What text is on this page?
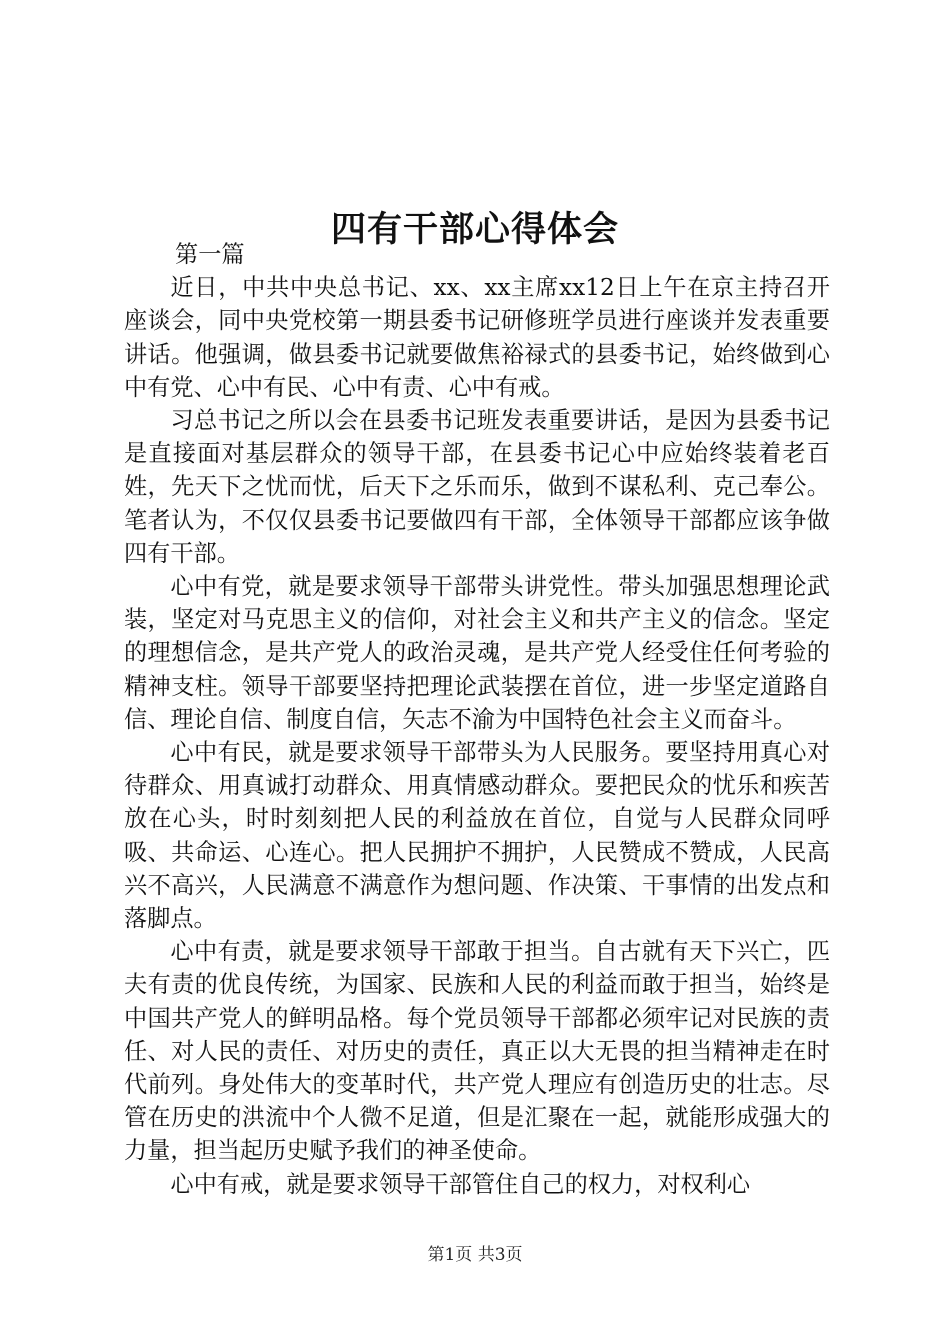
四有干部心得体会

第一篇

近日，中共中央总书记、xx、xx主席xx12日上午在京主持召开座谈会，同中央党校第一期县委书记研修班学员进行座谈并发表重要讲话。他强调，做县委书记就要做焦裕禄式的县委书记，始终做到心中有党、心中有民、心中有责、心中有戒。

习总书记之所以会在县委书记班发表重要讲话，是因为县委书记是直接面对基层群众的领导干部，在县委书记心中应始终装着老百姓，先天下之忧而忧，后天下之乐而乐，做到不谋私利、克己奉公。笔者认为，不仅仅县委书记要做四有干部，全体领导干部都应该争做四有干部。

心中有党，就是要求领导干部带头讲党性。带头加强思想理论武装，坚定对马克思主义的信仰，对社会主义和共产主义的信念。坚定的理想信念，是共产党人的政治灵魂，是共产党人经受住任何考验的精神支柱。领导干部要坚持把理论武装摆在首位，进一步坚定道路自信、理论自信、制度自信，矢志不渝为中国特色社会主义而奋斗。

心中有民，就是要求领导干部带头为人民服务。要坚持用真心对待群众、用真诚打动群众、用真情感动群众。要把民众的忧乐和疾苦放在心头，时时刻刻把人民的利益放在首位，自觉与人民群众同呼吸、共命运、心连心。把人民拥护不拥护，人民赞成不赞成，人民高兴不高兴，人民满意不满意作为想问题、作决策、干事情的出发点和落脚点。

心中有责，就是要求领导干部敢于担当。自古就有天下兴亡，匹夫有责的优良传统，为国家、民族和人民的利益而敢于担当，始终是中国共产党人的鲜明品格。每个党员领导干部都必须牢记对民族的责任、对人民的责任、对历史的责任，真正以大无畏的担当精神走在时代前列。身处伟大的变革时代，共产党人理应有创造历史的壮志。尽管在历史的洪流中个人微不足道，但是汇聚在一起，就能形成强大的力量，担当起历史赋予我们的神圣使命。

心中有戒，就是要求领导干部管住自己的权力，对权利心

第1页 共3页
